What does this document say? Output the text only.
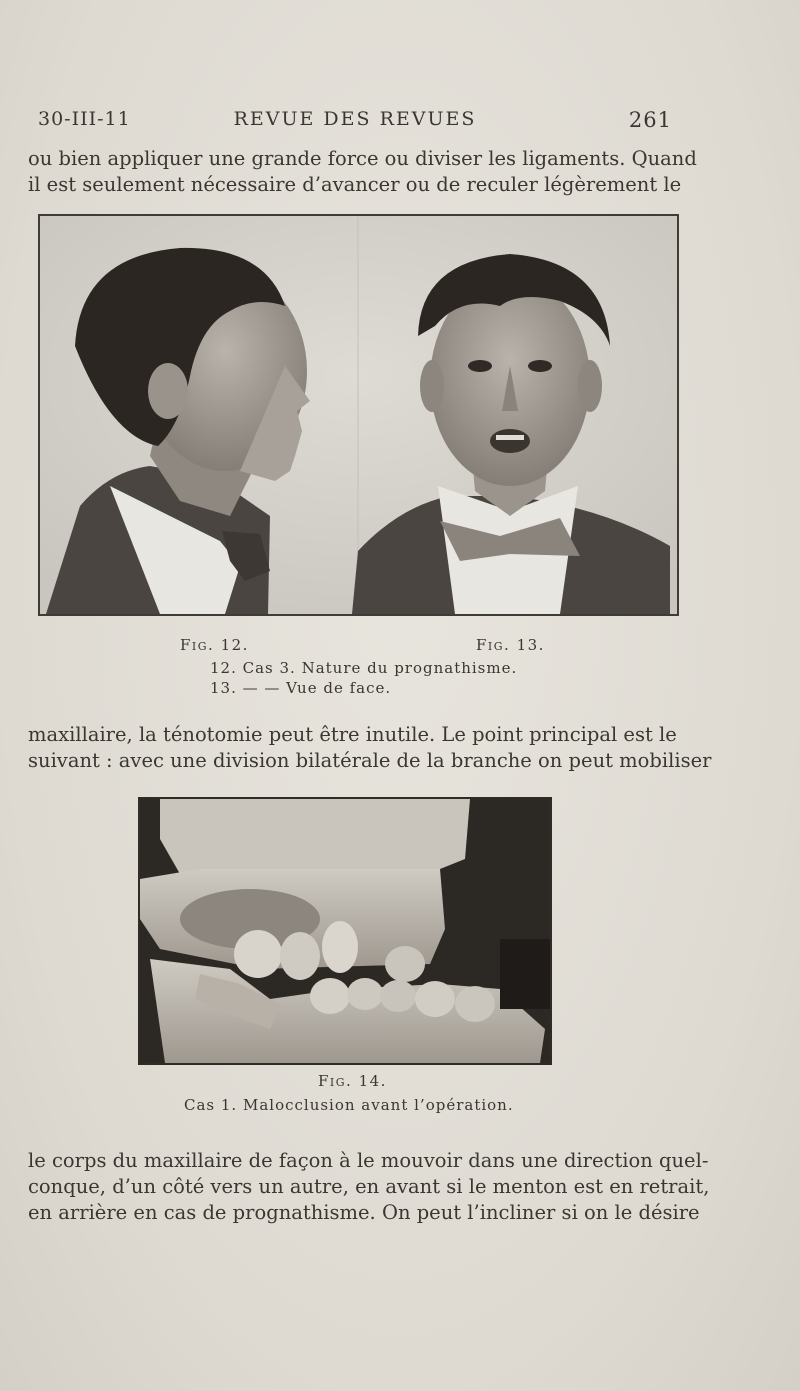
30-III-11	REVUE DES REVUES	261
ou bien appliquer une grande force ou diviser les ligaments. Quand
il est seulement nécessaire d’avancer ou de reculer légèrement le
Fig. 12.	Fig. 13.
12. Cas 3. Nature du prognathisme.
13. — — Vue de face.
maxillaire, la ténotomie peut être inutile. Le point principal est le
suivant : avec une division bilatérale de la branche on peut mobiliser
Fig. 14.
Cas 1. Malocclusion avant l’opération.
le corps du maxillaire de façon à le mouvoir dans une direction quel-
conque, d’un côté vers un autre, en avant si le menton est en retrait,
en arrière en cas de prognathisme. On peut l’incliner si on le désire
